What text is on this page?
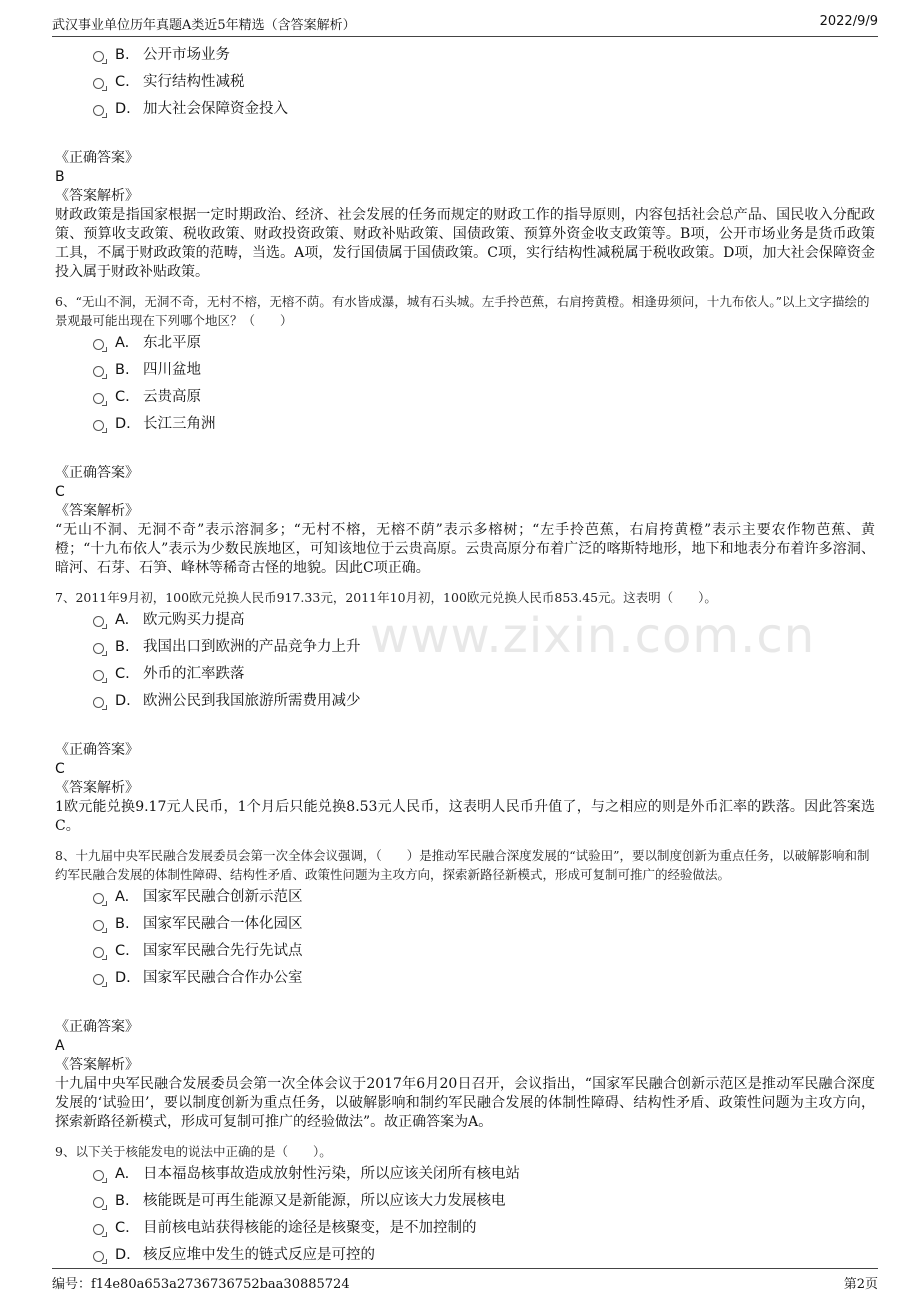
武汉事业单位历年真题A类近5年精选（含答案解析）	2022/9/9
www.zixin.com.cn
B. 公开市场业务
C. 实行结构性减税
D. 加大社会保障资金投入
《正确答案》
B
《答案解析》
财政政策是指国家根据一定时期政治、经济、社会发展的任务而规定的财政工作的指导原则，内容包括社会总产品、国民收入分配政策、预算收支政策、税收政策、财政投资政策、财政补贴政策、国债政策、预算外资金收支政策等。B项，公开市场业务是货币政策工具，不属于财政政策的范畴，当选。A项，发行国债属于国债政策。C项，实行结构性减税属于税收政策。D项，加大社会保障资金投入属于财政补贴政策。
6、“无山不洞，无洞不奇，无村不榕，无榕不荫。有水皆成瀑，城有石头城。左手拎芭蕉，右肩挎黄橙。相逢毋须问，十九布依人。”以上文字描绘的景观最可能出现在下列哪个地区？（　　）
A. 东北平原
B. 四川盆地
C. 云贵高原
D. 长江三角洲
《正确答案》
C
《答案解析》
“无山不洞、无洞不奇”表示溶洞多；“无村不榕，无榕不荫”表示多榕树；“左手拎芭蕉，右肩挎黄橙”表示主要农作物芭蕉、黄橙；“十九布依人”表示为少数民族地区，可知该地位于云贵高原。云贵高原分布着广泛的喀斯特地形，地下和地表分布着许多溶洞、暗河、石芽、石笋、峰林等稀奇古怪的地貌。因此C项正确。
7、2011年9月初，100欧元兑换人民币917.33元，2011年10月初，100欧元兑换人民币853.45元。这表明（　　）。
A. 欧元购买力提高
B. 我国出口到欧洲的产品竞争力上升
C. 外币的汇率跌落
D. 欧洲公民到我国旅游所需费用减少
《正确答案》
C
《答案解析》
1欧元能兑换9.17元人民币，1个月后只能兑换8.53元人民币，这表明人民币升值了，与之相应的则是外币汇率的跌落。因此答案选C。
8、十九届中央军民融合发展委员会第一次全体会议强调，（　　）是推动军民融合深度发展的“试验田”，要以制度创新为重点任务，以破解影响和制约军民融合发展的体制性障碍、结构性矛盾、政策性问题为主攻方向，探索新路径新模式，形成可复制可推广的经验做法。
A. 国家军民融合创新示范区
B. 国家军民融合一体化园区
C. 国家军民融合先行先试点
D. 国家军民融合合作办公室
《正确答案》
A
《答案解析》
十九届中央军民融合发展委员会第一次全体会议于2017年6月20日召开，会议指出，“国家军民融合创新示范区是推动军民融合深度发展的‘试验田’，要以制度创新为重点任务，以破解影响和制约军民融合发展的体制性障碍、结构性矛盾、政策性问题为主攻方向，探索新路径新模式，形成可复制可推广的经验做法”。故正确答案为A。
9、以下关于核能发电的说法中正确的是（　　）。
A. 日本福岛核事故造成放射性污染，所以应该关闭所有核电站
B. 核能既是可再生能源又是新能源，所以应该大力发展核电
C. 目前核电站获得核能的途径是核聚变，是不加控制的
D. 核反应堆中发生的链式反应是可控的
编号：f14e80a653a2736736752baa30885724	第2页
